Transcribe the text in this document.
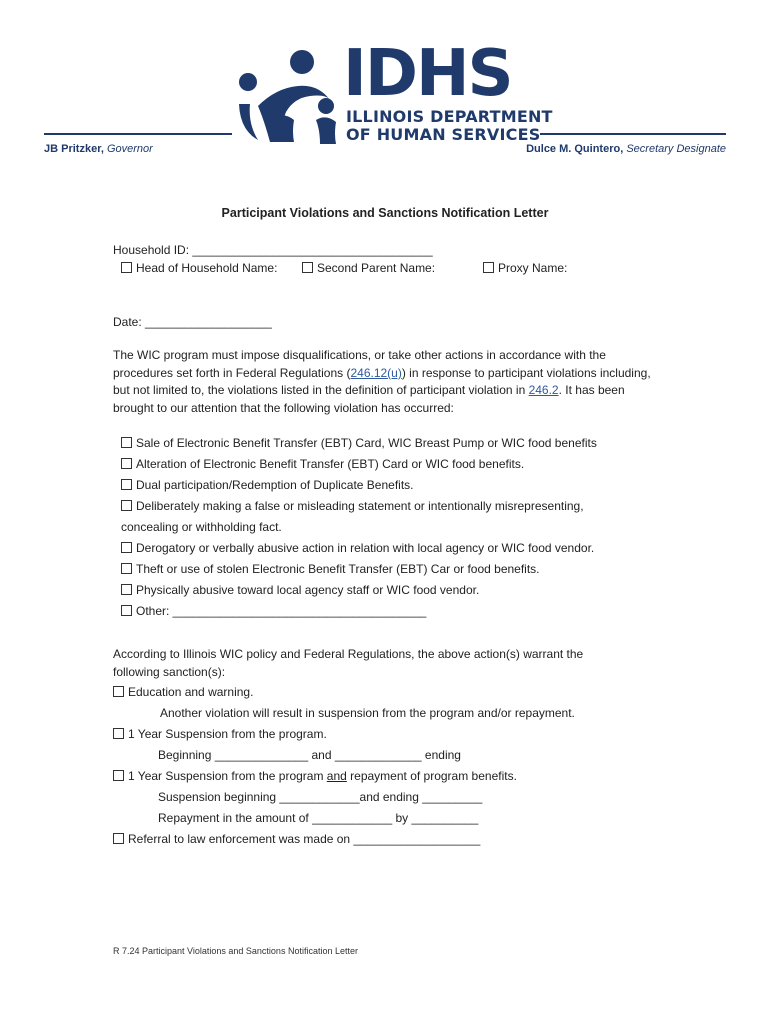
IDHS
ILLINOIS DEPARTMENT
OF HUMAN SERVICES
JB Pritzker, Governor	Dulce M. Quintero, Secretary Designate
Participant Violations and Sanctions Notification Letter
Household ID: ____________________________________
Head of Household Name:	Second Parent Name:	Proxy Name:
Date: ___________________
The WIC program must impose disqualifications, or take other actions in accordance with the procedures set forth in Federal Regulations (246.12(u)) in response to participant violations including, but not limited to, the violations listed in the definition of participant violation in 246.2. It has been brought to our attention that the following violation has occurred:
Sale of Electronic Benefit Transfer (EBT) Card, WIC Breast Pump or WIC food benefits
Alteration of Electronic Benefit Transfer (EBT) Card or WIC food benefits.
Dual participation/Redemption of Duplicate Benefits.
Deliberately making a false or misleading statement or intentionally misrepresenting,
concealing or withholding fact.
Derogatory or verbally abusive action in relation with local agency or WIC food vendor.
Theft or use of stolen Electronic Benefit Transfer (EBT) Car or food benefits.
Physically abusive toward local agency staff or WIC food vendor.
Other: ______________________________________
According to Illinois WIC policy and Federal Regulations, the above action(s) warrant the following sanction(s):
Education and warning.
Another violation will result in suspension from the program and/or repayment.
1 Year Suspension from the program.
Beginning ______________ and _____________ ending
1 Year Suspension from the program and repayment of program benefits.
Suspension beginning ____________and ending _________
Repayment in the amount of ____________ by __________
Referral to law enforcement was made on ___________________
R 7.24 Participant Violations and Sanctions Notification Letter
